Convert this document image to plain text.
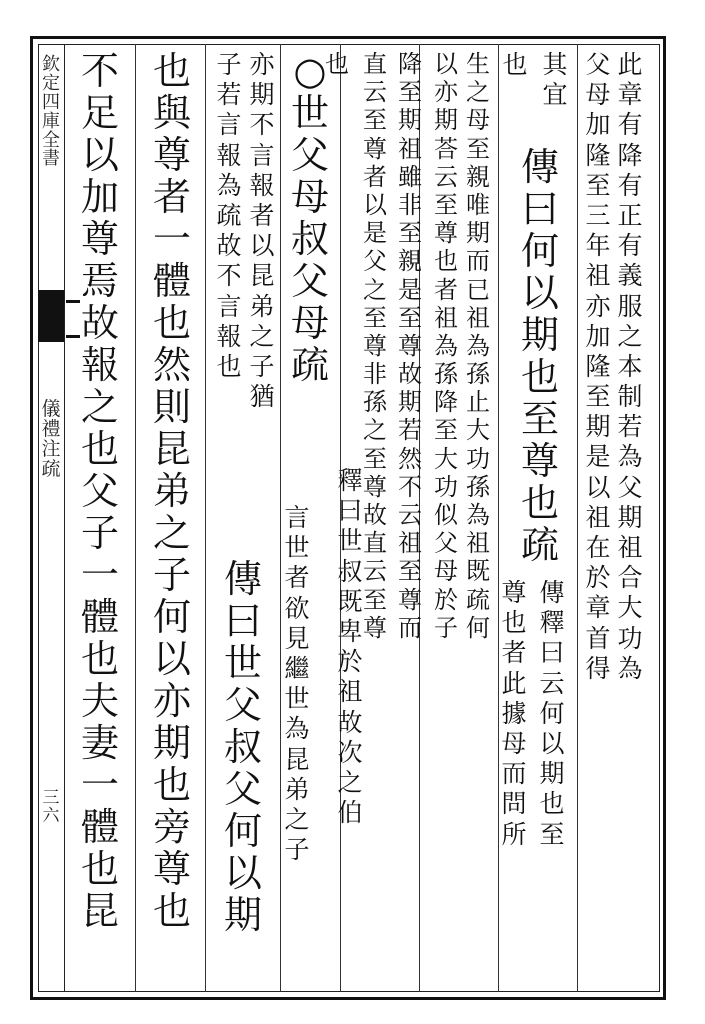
欽
定
四
庫
全
書
儀
禮
注
疏
三
六
此
章
有
降
有
正
有
義
服
之
本
制
若
為
父
期
祖
合
大
功
為
父
母
加
隆
至
三
年
祖
亦
加
隆
至
期
是
以
祖
在
於
章
首
得
其
宜
傳
曰
何
以
期
也
至
尊
也
疏
尊
也
者
此
據
母
而
問
所
傳
釋
曰
云
何
以
期
也
至
也
生
之
母
至
親
唯
期
而
已
祖
為
孫
止
大
功
孫
為
祖
既
疏
何
以
亦
期
荅
云
至
尊
也
者
祖
為
孫
降
至
大
功
似
父
母
於
子
降
至
期
祖
雖
非
至
親
是
至
尊
故
期
若
然
不
云
祖
至
尊
而
直
云
至
尊
者
以
是
父
之
至
尊
非
孫
之
至
尊
故
直
云
至
尊
也
○
世
父
母
叔
父
母
疏
釋
曰
世
叔
既
卑
於
祖
故
次
之
伯
言
世
者
欲
見
繼
世
為
昆
弟
之
子
亦
期
不
言
報
者
以
昆
弟
之
子
猶
子
若
言
報
為
疏
故
不
言
報
也
傳
曰
世
父
叔
父
何
以
期
也
與
尊
者
一
體
也
然
則
昆
弟
之
子
何
以
亦
期
也
旁
尊
也
不
足
以
加
尊
焉
故
報
之
也
父
子
一
體
也
夫
妻
一
體
也
昆
